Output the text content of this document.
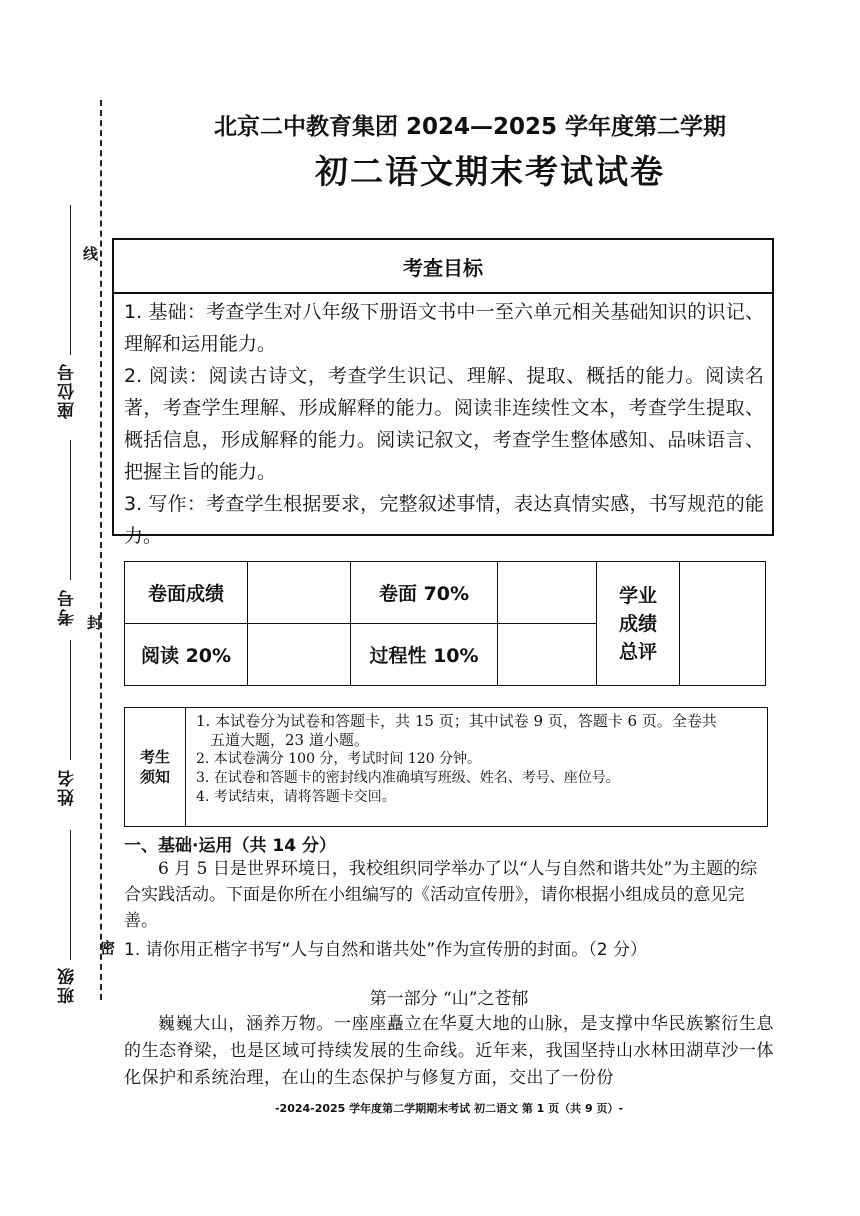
线
封
密
座位号
考号
姓名
班级
北京二中教育集团 2024—2025 学年度第二学期
初二语文期末考试试卷
考查目标

1. 基础：考查学生对八年级下册语文书中一至六单元相关基础知识的识记、理解和运用能力。

2. 阅读：阅读古诗文，考查学生识记、理解、提取、概括的能力。阅读名著，考查学生理解、形成解释的能力。阅读非连续性文本，考查学生提取、概括信息，形成解释的能力。阅读记叙文，考查学生整体感知、品味语言、把握主旨的能力。

3. 写作：考查学生根据要求，完整叙述事情，表达真情实感，书写规范的能力。

卷面成绩		卷面 70%		学业
成绩
总评	

阅读 20%		过程性 10%			
考生
须知
1. 本试卷分为试卷和答题卡，共 15 页；其中试卷 9 页，答题卡 6 页。全卷共
五道大题，23 道小题。
2. 本试卷满分 100 分，考试时间 120 分钟。
3. 在试卷和答题卡的密封线内准确填写班级、姓名、考号、座位号。
4. 考试结束，请将答题卡交回。
一、基础·运用（共 14 分）

6 月 5 日是世界环境日，我校组织同学举办了以“人与自然和谐共处”为主题的综合实践活动。下面是你所在小组编写的《活动宣传册》，请你根据小组成员的意见完善。

1. 请你用正楷字书写“人与自然和谐共处”作为宣传册的封面。（2 分）
第一部分 “山”之苍郁

巍巍大山，涵养万物。一座座矗立在华夏大地的山脉，是支撑中华民族繁衍生息的生态脊梁，也是区域可持续发展的生命线。近年来，我国坚持山水林田湖草沙一体化保护和系统治理，在山的生态保护与修复方面，交出了一份份

-2024-2025 学年度第二学期期末考试 初二语文 第 1 页（共 9 页）-
